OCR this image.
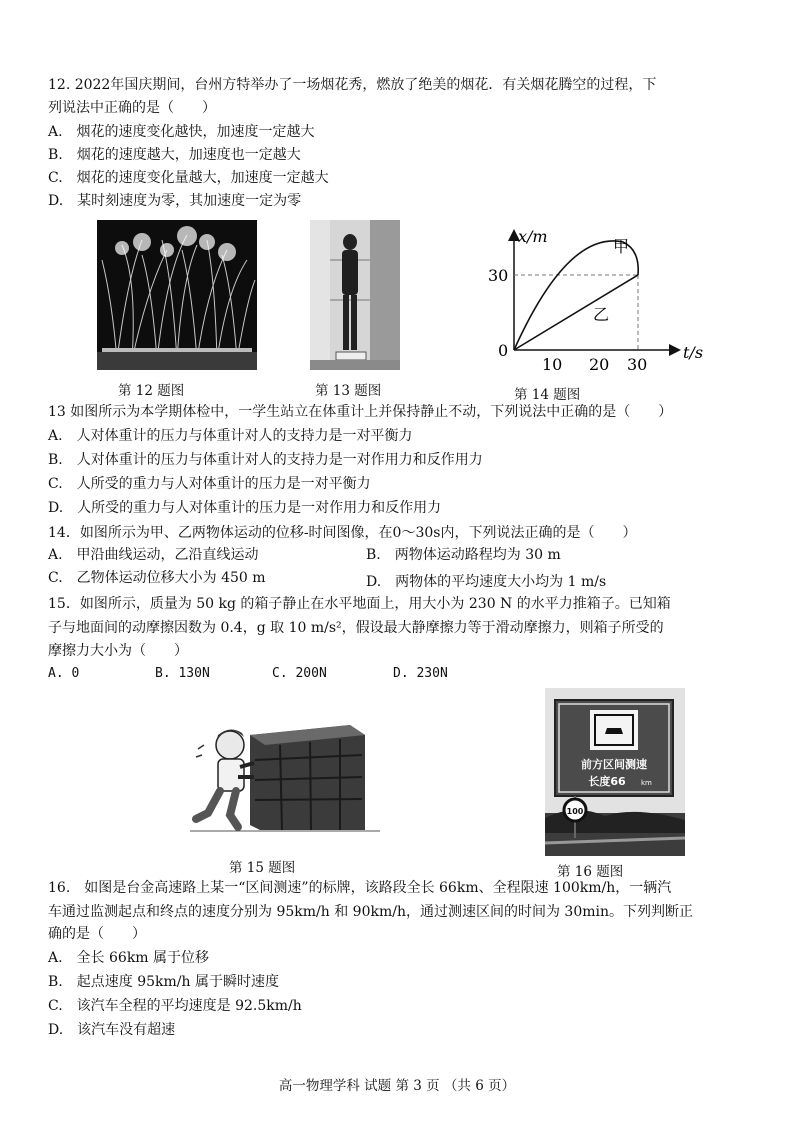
12. 2022年国庆期间，台州方特举办了一场烟花秀，燃放了绝美的烟花．有关烟花腾空的过程，下
列说法中正确的是（　　）
A.　烟花的速度变化越快，加速度一定越大
B.　烟花的速度越大，加速度也一定越大
C.　烟花的速度变化量越大，加速度一定越大
D.　某时刻速度为零，其加速度一定为零
第 12 题图	第 13 题图
x/m
t/s
0
30
10 20 30
甲
乙
第 14 题图
13 如图所示为本学期体检中，一学生站立在体重计上并保持静止不动，下列说法中正确的是（　　）
A.　人对体重计的压力与体重计对人的支持力是一对平衡力
B.　人对体重计的压力与体重计对人的支持力是一对作用力和反作用力
C.　人所受的重力与人对体重计的压力是一对平衡力
D.　人所受的重力与人对体重计的压力是一对作用力和反作用力
14．如图所示为甲、乙两物体运动的位移-时间图像，在0～30s内，下列说法正确的是（　　）
A.　甲沿曲线运动，乙沿直线运动	B.　两物体运动路程均为 30 m
C.　乙物体运动位移大小为 450 m	D.　两物体的平均速度大小均为 1 m/s
15．如图所示，质量为 50 kg 的箱子静止在水平地面上，用大小为 230 N 的水平力推箱子。已知箱
子与地面间的动摩擦因数为 0.4，g 取 10 m/s²，假设最大静摩擦力等于滑动摩擦力，则箱子所受的
摩擦力大小为（　　）
A. 0	B. 130N	C. 200N	D. 230N
第 15 题图
前方区间测速
长度66 km
100
第 16 题图
16.　如图是台金高速路上某一“区间测速”的标牌，该路段全长 66km、全程限速 100km/h，一辆汽
车通过监测起点和终点的速度分别为 95km/h 和 90km/h，通过测速区间的时间为 30min。下列判断正
确的是（　　）
A.　全长 66km 属于位移
B.　起点速度 95km/h 属于瞬时速度
C.　该汽车全程的平均速度是 92.5km/h
D.　该汽车没有超速
高一物理学科 试题 第 3 页 （共 6 页）
